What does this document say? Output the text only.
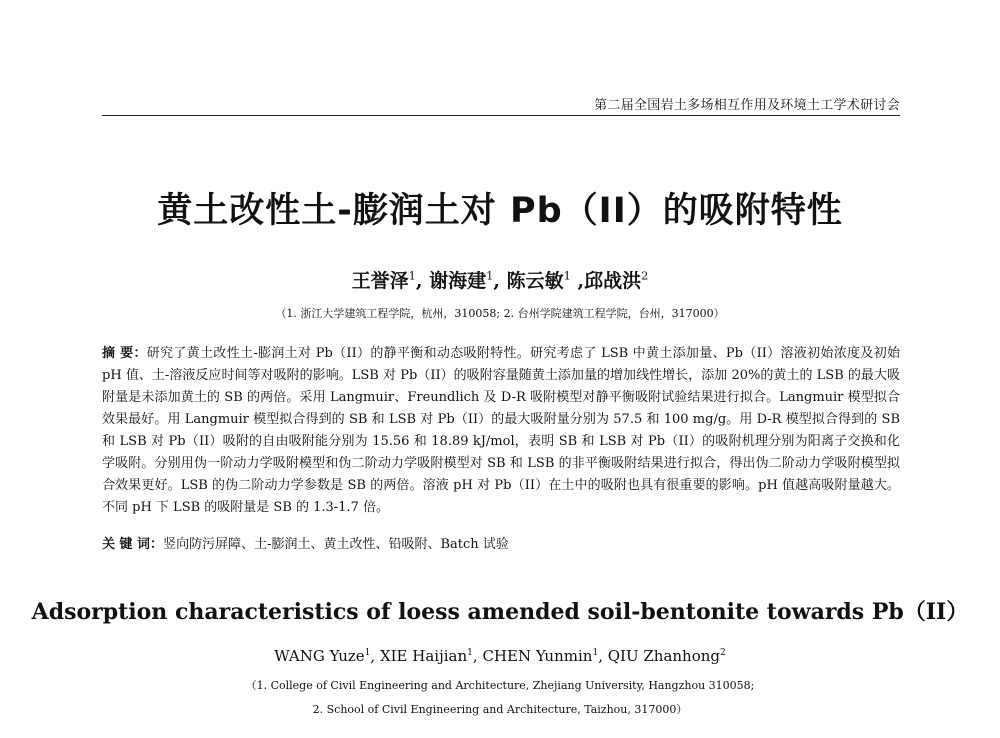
第二届全国岩土多场相互作用及环境土工学术研讨会
黄土改性土-膨润土对 Pb（II）的吸附特性
王誉泽$^1$, 谢海建$^1$, 陈云敏$^1$ ,邱战洪$^2$
（1. 浙江大学建筑工程学院，杭州，310058; 2. 台州学院建筑工程学院，台州，317000）
摘 要：研究了黄土改性土-膨润土对 Pb（II）的静平衡和动态吸附特性。研究考虑了 LSB 中黄土添加量、Pb（II）溶液初始浓度及初始 pH 值、土-溶液反应时间等对吸附的影响。LSB 对 Pb（II）的吸附容量随黄土添加量的增加线性增长，添加 20%的黄土的 LSB 的最大吸附量是未添加黄土的 SB 的两倍。采用 Langmuir、Freundlich 及 D-R 吸附模型对静平衡吸附试验结果进行拟合。Langmuir 模型拟合效果最好。用 Langmuir 模型拟合得到的 SB 和 LSB 对 Pb（II）的最大吸附量分别为 57.5 和 100 mg/g。用 D-R 模型拟合得到的 SB 和 LSB 对 Pb（II）吸附的自由吸附能分别为 15.56 和 18.89 kJ/mol，表明 SB 和 LSB 对 Pb（II）的吸附机理分别为阳离子交换和化学吸附。分别用伪一阶动力学吸附模型和伪二阶动力学吸附模型对 SB 和 LSB 的非平衡吸附结果进行拟合，得出伪二阶动力学吸附模型拟合效果更好。LSB 的伪二阶动力学参数是 SB 的两倍。溶液 pH 对 Pb（II）在土中的吸附也具有很重要的影响。pH 值越高吸附量越大。不同 pH 下 LSB 的吸附量是 SB 的 1.3-1.7 倍。
关 键 词：竖向防污屏障、土-膨润土、黄土改性、铅吸附、Batch 试验
Adsorption characteristics of loess amended soil-bentonite towards Pb（II）
WANG Yuze$^1$, XIE Haijian$^1$, CHEN Yunmin$^1$, QIU Zhanhong$^2$
（1. College of Civil Engineering and Architecture, Zhejiang University, Hangzhou 310058;
2. School of Civil Engineering and Architecture, Taizhou, 317000）
